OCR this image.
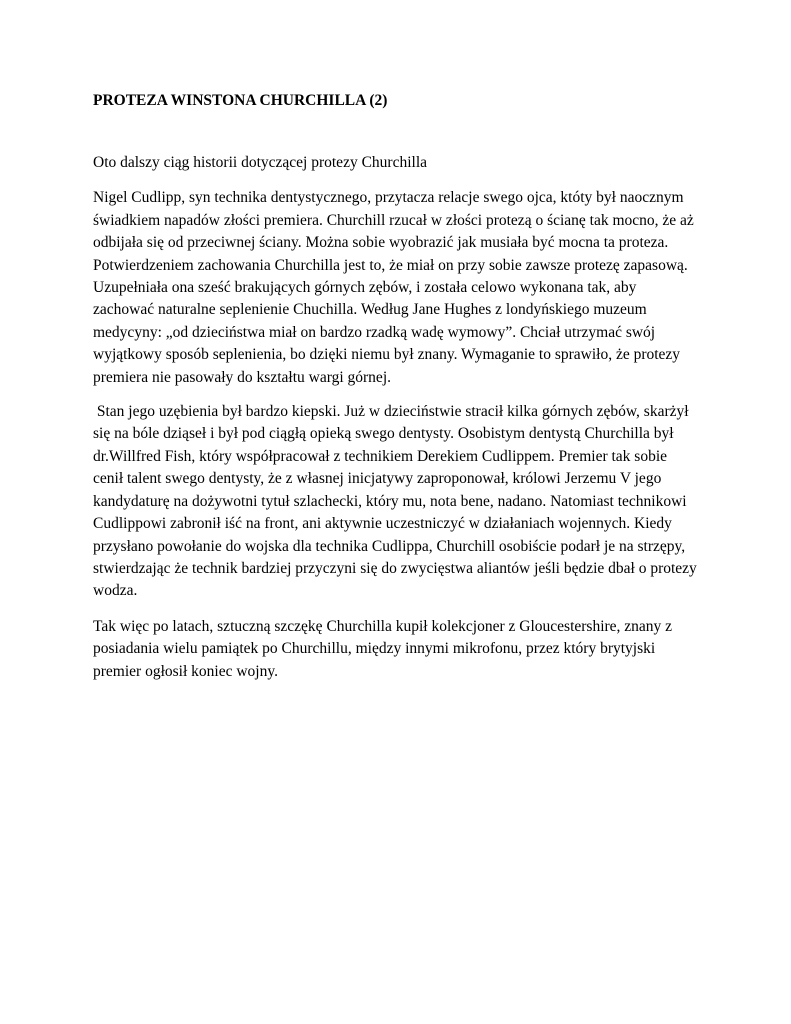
PROTEZA WINSTONA CHURCHILLA (2)

Oto dalszy ciąg historii dotyczącej protezy Churchilla

Nigel Cudlipp, syn technika dentystycznego, przytacza relacje swego ojca, któty był naocznym
świadkiem napadów złości premiera. Churchill rzucał w złości protezą o ścianę tak mocno, że aż
odbijała się od przeciwnej ściany. Można sobie wyobrazić jak musiała być mocna ta proteza.
Potwierdzeniem zachowania Churchilla jest to, że miał on przy sobie zawsze protezę zapasową.
Uzupełniała ona sześć brakujących górnych zębów, i została celowo wykonana tak, aby
zachować naturalne seplenienie Chuchilla. Według Jane Hughes z londyńskiego muzeum
medycyny: „od dzieciństwa miał on bardzo rzadką wadę wymowy”. Chciał utrzymać swój
wyjątkowy sposób seplenienia, bo dzięki niemu był znany. Wymaganie to sprawiło, że protezy
premiera nie pasowały do kształtu wargi górnej.

Stan jego uzębienia był bardzo kiepski. Już w dzieciństwie stracił kilka górnych zębów, skarżył
się na bóle dziąseł i był pod ciągłą opieką swego dentysty. Osobistym dentystą Churchilla był
dr.Willfred Fish, który współpracował z technikiem Derekiem Cudlippem. Premier tak sobie
cenił talent swego dentysty, że z własnej inicjatywy zaproponował, królowi Jerzemu V jego
kandydaturę na dożywotni tytuł szlachecki, który mu, nota bene, nadano. Natomiast technikowi
Cudlippowi zabronił iść na front, ani aktywnie uczestniczyć w działaniach wojennych. Kiedy
przysłano powołanie do wojska dla technika Cudlippa, Churchill osobiście podarł je na strzępy,
stwierdzając że technik bardziej przyczyni się do zwycięstwa aliantów jeśli będzie dbał o protezy
wodza.

Tak więc po latach, sztuczną szczękę Churchilla kupił kolekcjoner z Gloucestershire, znany z
posiadania wielu pamiątek po Churchillu, między innymi mikrofonu, przez który brytyjski
premier ogłosił koniec wojny.
